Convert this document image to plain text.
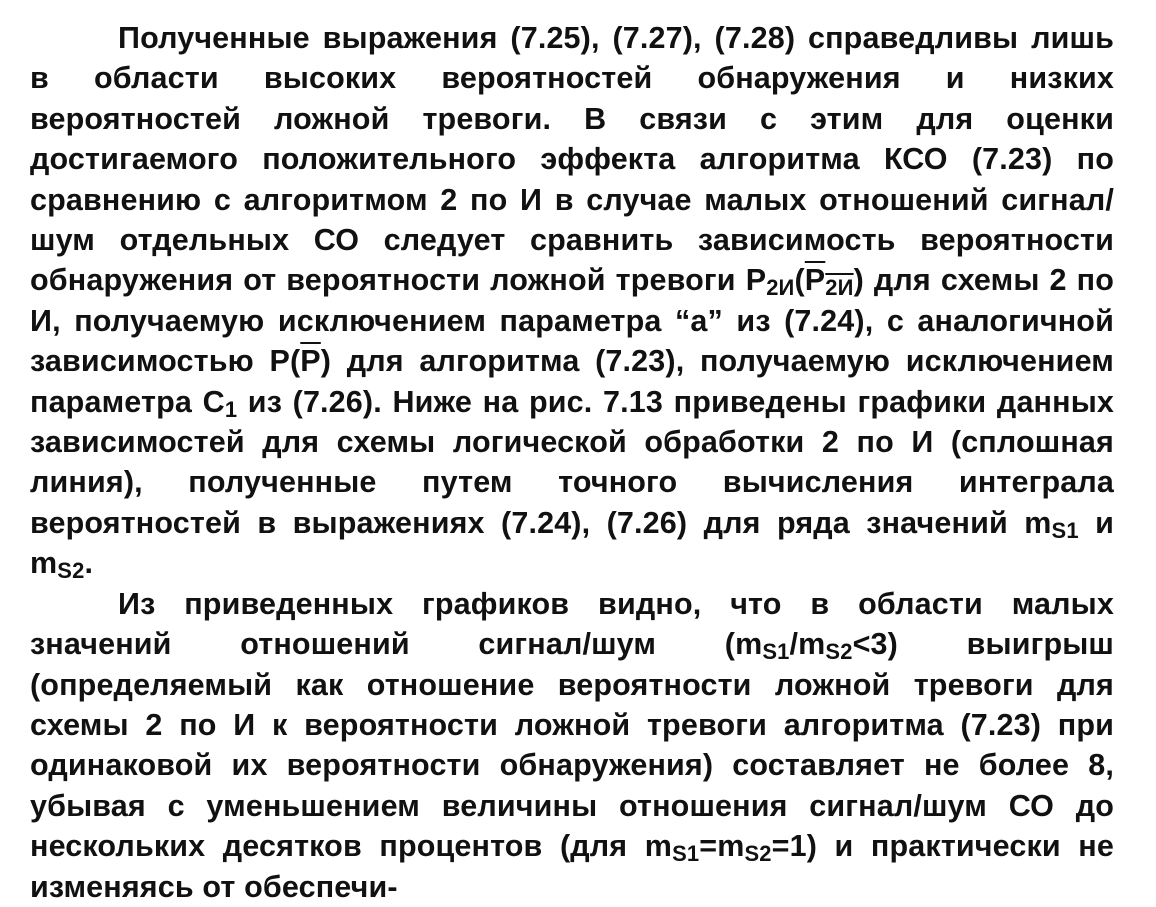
Полученные выражения (7.25), (7.27), (7.28) справедливы лишь в области высоких вероятностей обнаружения и низких вероятностей ложной тревоги. В связи с этим для оценки достигаемого положительного эффекта алгоритма КСО (7.23) по сравнению с алгоритмом 2 по И в случае малых отношений сигнал/шум отдельных СО следует сравнить зависимость вероятности обнаружения от вероятности ложной тревоги $P_{2И}(P_{2И})$ для схемы 2 по И, получаемую исключением параметра “a” из (7.24), с аналогичной зависимостью $P(\overline{P})$ для алгоритма (7.23), получаемую исключением параметра $C_1$ из (7.26). Ниже на рис. 7.13 приведены графики данных зависимостей для схемы логической обработки 2 по И (сплошная линия), полученные путем точного вычисления интеграла вероятностей в выражениях (7.24), (7.26) для ряда значений $m_{S1}$ и $m_{S2}$.

Из приведенных графиков видно, что в области малых значений отношений сигнал/шум $(m_{S1}/m_{S2}<3)$ выигрыш (определяемый как отношение вероятности ложной тревоги для схемы 2 по И к вероятности ложной тревоги алгоритма (7.23) при одинаковой их вероятности обнаружения) составляет не более 8, убывая с уменьшением величины отношения сигнал/шум СО до нескольких десятков процентов (для $m_{S1}=m_{S2}=1$) и практически не изменяясь от обеспечи-
